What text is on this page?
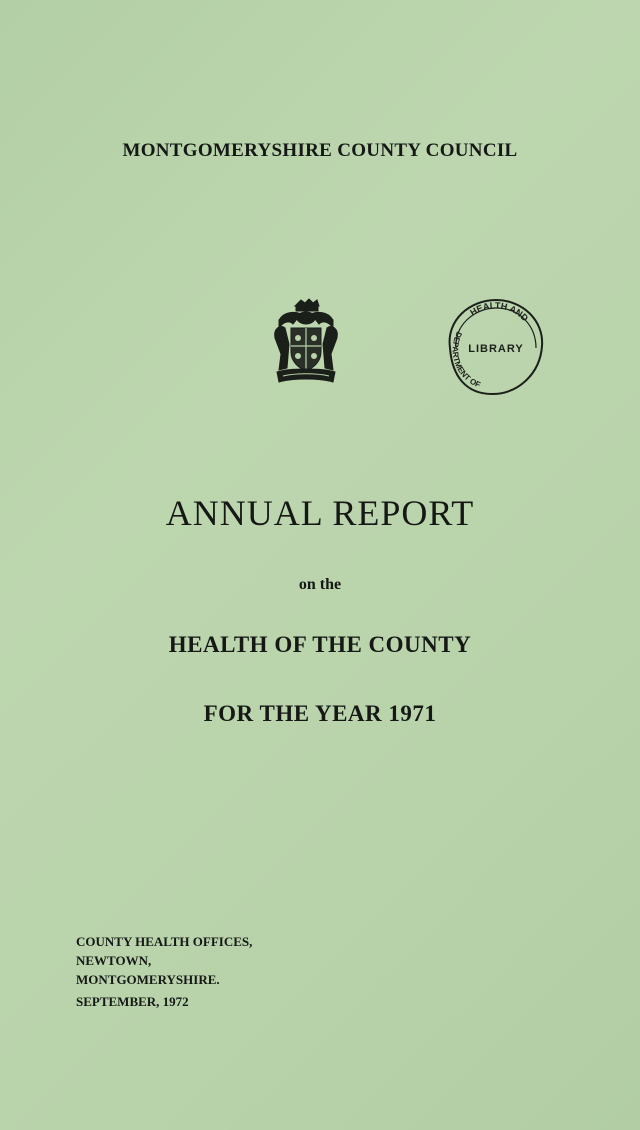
MONTGOMERYSHIRE COUNTY COUNCIL
HEALTH AND
LIBRARY
DEPARTMENT OF
ANNUAL REPORT
on the
HEALTH OF THE COUNTY
FOR THE YEAR 1971
COUNTY HEALTH OFFICES,
NEWTOWN,
MONTGOMERYSHIRE.
SEPTEMBER, 1972
